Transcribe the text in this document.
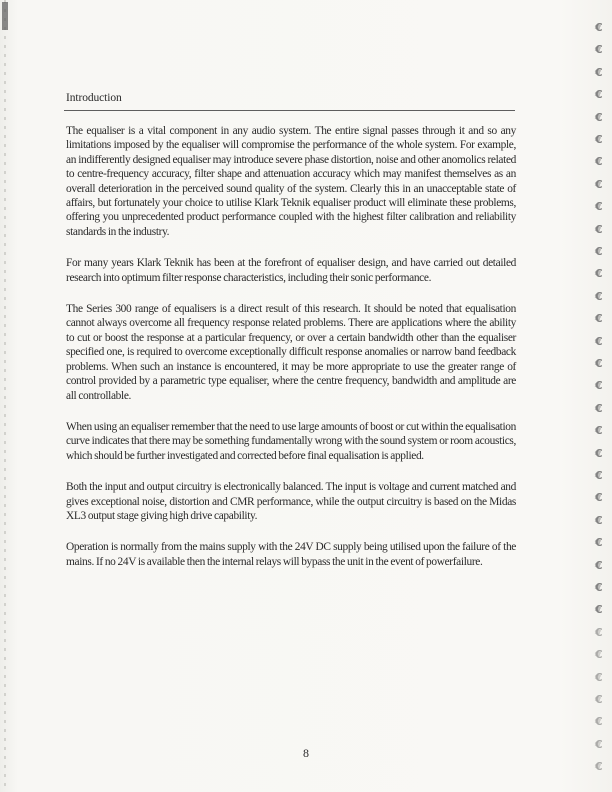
€
€
€
€
€
€
€
€
€
€
€
€
€
€
€
€
€
€
€
€
€
€
€
€
€
€
€
€
€
€
€
€
€
€
Introduction

The equaliser is a vital component in any audio system. The entire signal passes through it and so any limitations imposed by the equaliser will compromise the performance of the whole system. For example, an indifferently designed equaliser may introduce severe phase distortion, noise and other anomolics related to centre-frequency accuracy, filter shape and attenuation accuracy which may manifest themselves as an overall deterioration in the perceived sound quality of the system. Clearly this in an unacceptable state of affairs, but fortunately your choice to utilise Klark Teknik equaliser product will eliminate these problems, offering you unprecedented product performance coupled with the highest filter calibration and reliability standards in the industry.

For many years Klark Teknik has been at the forefront of equaliser design, and have carried out detailed research into optimum filter response characteristics, including their sonic performance.

The Series 300 range of equalisers is a direct result of this research. It should be noted that equalisation cannot always overcome all frequency response related problems. There are applications where the ability to cut or boost the response at a particular frequency, or over a certain bandwidth other than the equaliser specified one, is required to overcome exceptionally difficult response anomalies or narrow band feedback problems. When such an instance is encountered, it may be more appropriate to use the greater range of control provided by a parametric type equaliser, where the centre frequency, bandwidth and amplitude are all controllable.

When using an equaliser remember that the need to use large amounts of boost or cut within the equalisation curve indicates that there may be something fundamentally wrong with the sound system or room acoustics, which should be further investigated and corrected before final equalisation is applied.

Both the input and output circuitry is electronically balanced. The input is voltage and current matched and gives exceptional noise, distortion and CMR performance, while the output circuitry is based on the Midas XL3 output stage giving high drive capability.

Operation is normally from the mains supply with the 24V DC supply being utilised upon the failure of the mains. If no 24V is available then the internal relays will bypass the unit in the event of powerfailure.

8
